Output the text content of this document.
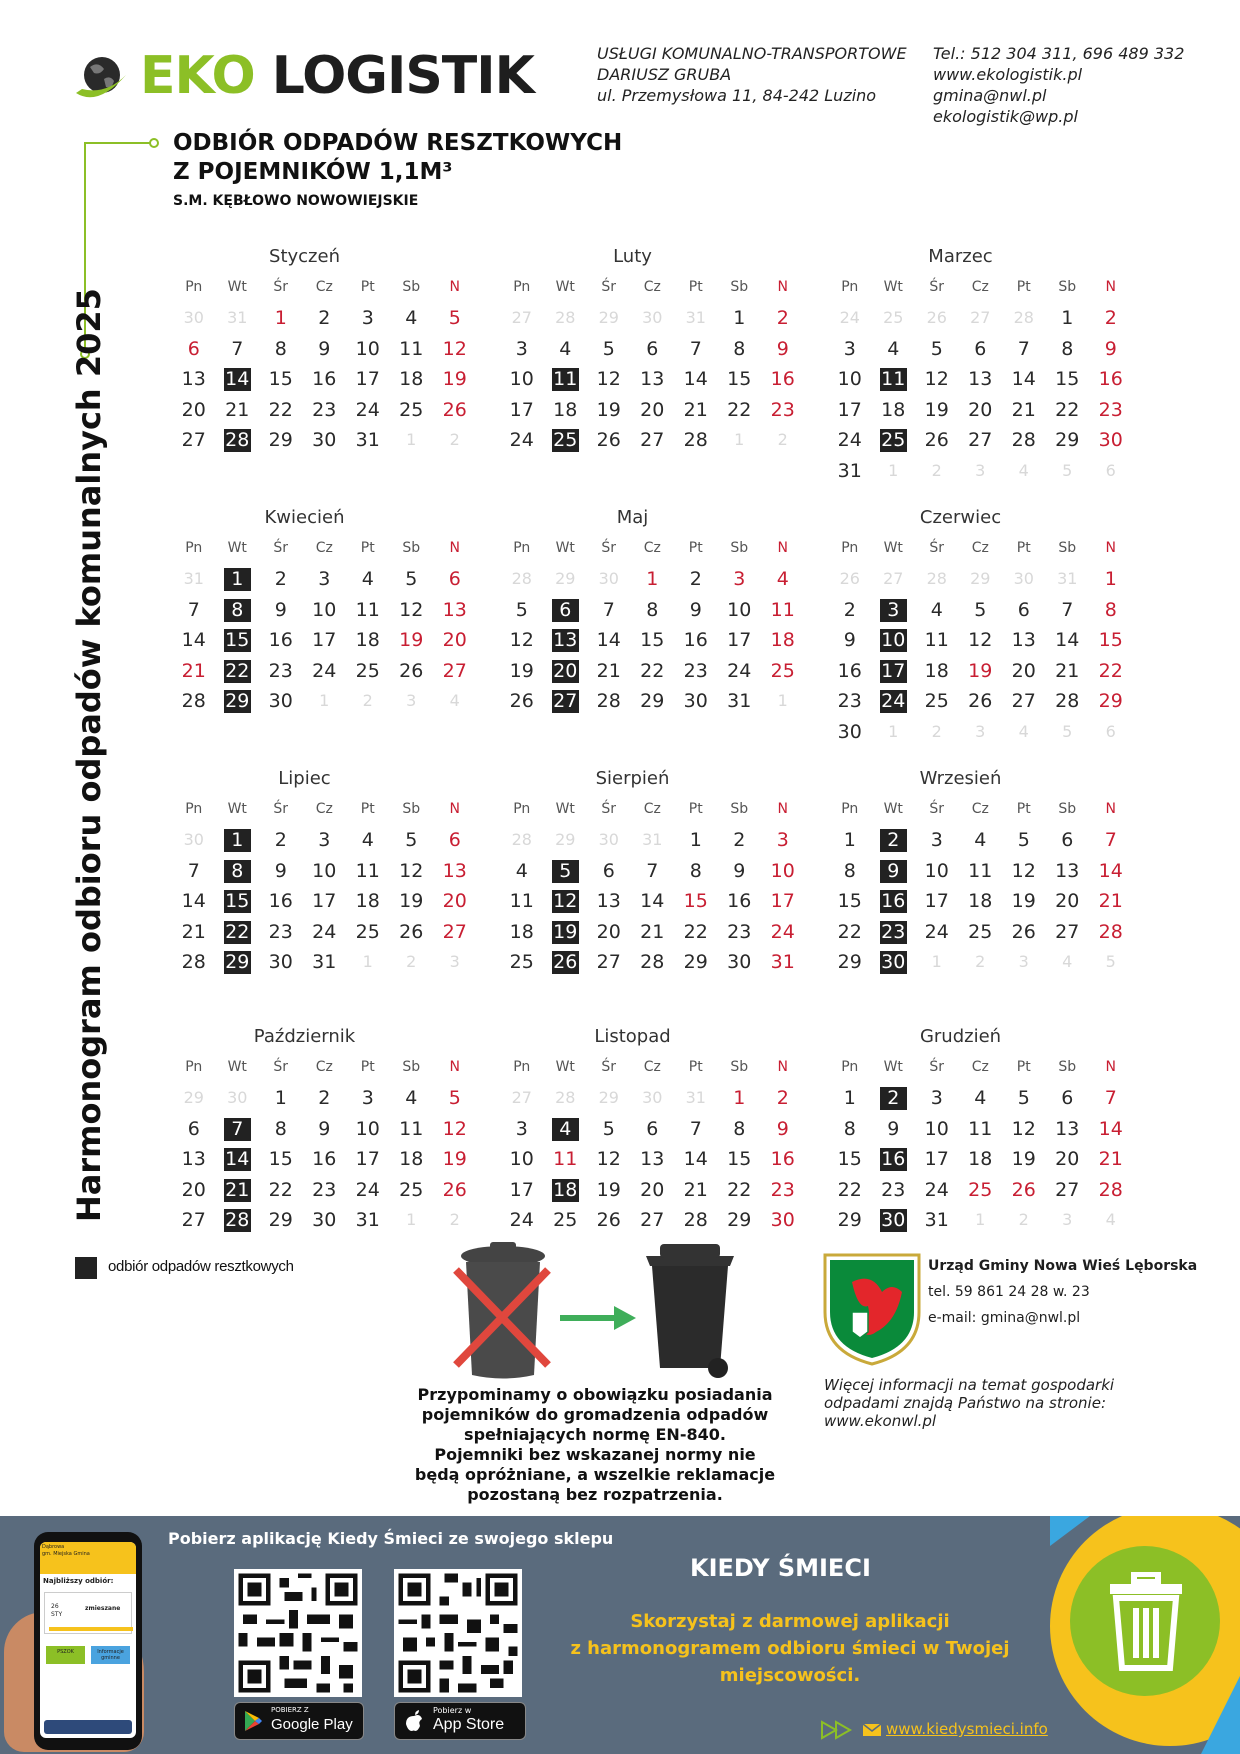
EKO LOGISTIK	USŁUGI KOMUNALNO-TRANSPORTOWE
DARIUSZ GRUBA
ul. Przemysłowa 11, 84-242 Luzino
Tel.: 512 304 311, 696 489 332
www.ekologistik.pl
gmina@nwl.pl
ekologistik@wp.pl
ODBIÓR ODPADÓW RESZTKOWYCH
Z POJEMNIKÓW 1,1M³
S.M. KĘBŁOWO NOWOWIEJSKIE
Harmonogram odbioru odpadów komunalnych 2025
Styczeń
Pn	Wt	Śr	Cz	Pt	Sb	N
30	31	1	2	3	4	5
6	7	8	9	10	11	12
13	14	15	16	17	18	19
20	21	22	23	24	25	26
27	28	29	30	31	1	2
Luty
Pn	Wt	Śr	Cz	Pt	Sb	N
27	28	29	30	31	1	2
3	4	5	6	7	8	9
10	11	12	13	14	15	16
17	18	19	20	21	22	23
24	25	26	27	28	1	2
Marzec
Pn	Wt	Śr	Cz	Pt	Sb	N
24	25	26	27	28	1	2
3	4	5	6	7	8	9
10	11	12	13	14	15	16
17	18	19	20	21	22	23
24	25	26	27	28	29	30
31	1	2	3	4	5	6
Kwiecień
Pn	Wt	Śr	Cz	Pt	Sb	N
31	1	2	3	4	5	6
7	8	9	10	11	12	13
14	15	16	17	18	19	20
21	22	23	24	25	26	27
28	29	30	1	2	3	4
Maj
Pn	Wt	Śr	Cz	Pt	Sb	N
28	29	30	1	2	3	4
5	6	7	8	9	10	11
12	13	14	15	16	17	18
19	20	21	22	23	24	25
26	27	28	29	30	31	1
Czerwiec
Pn	Wt	Śr	Cz	Pt	Sb	N
26	27	28	29	30	31	1
2	3	4	5	6	7	8
9	10	11	12	13	14	15
16	17	18	19	20	21	22
23	24	25	26	27	28	29
30	1	2	3	4	5	6
Lipiec
Pn	Wt	Śr	Cz	Pt	Sb	N
30	1	2	3	4	5	6
7	8	9	10	11	12	13
14	15	16	17	18	19	20
21	22	23	24	25	26	27
28	29	30	31	1	2	3
Sierpień
Pn	Wt	Śr	Cz	Pt	Sb	N
28	29	30	31	1	2	3
4	5	6	7	8	9	10
11	12	13	14	15	16	17
18	19	20	21	22	23	24
25	26	27	28	29	30	31
Wrzesień
Pn	Wt	Śr	Cz	Pt	Sb	N
1	2	3	4	5	6	7
8	9	10	11	12	13	14
15	16	17	18	19	20	21
22	23	24	25	26	27	28
29	30	1	2	3	4	5
Październik
Pn	Wt	Śr	Cz	Pt	Sb	N
29	30	1	2	3	4	5
6	7	8	9	10	11	12
13	14	15	16	17	18	19
20	21	22	23	24	25	26
27	28	29	30	31	1	2
Listopad
Pn	Wt	Śr	Cz	Pt	Sb	N
27	28	29	30	31	1	2
3	4	5	6	7	8	9
10	11	12	13	14	15	16
17	18	19	20	21	22	23
24	25	26	27	28	29	30
Grudzień
Pn	Wt	Śr	Cz	Pt	Sb	N
1	2	3	4	5	6	7
8	9	10	11	12	13	14
15	16	17	18	19	20	21
22	23	24	25	26	27	28
29	30	31	1	2	3	4
odbiór odpadów resztkowych
Przypominamy o obowiązku posiadania
pojemników do gromadzenia odpadów
spełniających normę EN-840.
Pojemniki bez wskazanej normy nie
będą opróżniane, a wszelkie reklamacje
pozostaną bez rozpatrzenia.
Urząd Gminy Nowa Wieś Lęborska
tel. 59 861 24 28 w. 23
e-mail: gmina@nwl.pl
Więcej informacji na temat gospodarki
odpadami znajdą Państwo na stronie:
www.ekonwl.pl
Dąbrowa
gm. Miejska Gmina
Najbliższy odbiór:
26
STY
zmieszane
PSZOK	Informacje gminne
Pobierz aplikację Kiedy Śmieci ze swojego sklepu
POBIERZ Z
Google Play
Pobierz w
App Store
KIEDY ŚMIECI
Skorzystaj z darmowej aplikacji
z harmonogramem odbioru śmieci w Twojej
miejscowości.
www.kiedysmieci.info
